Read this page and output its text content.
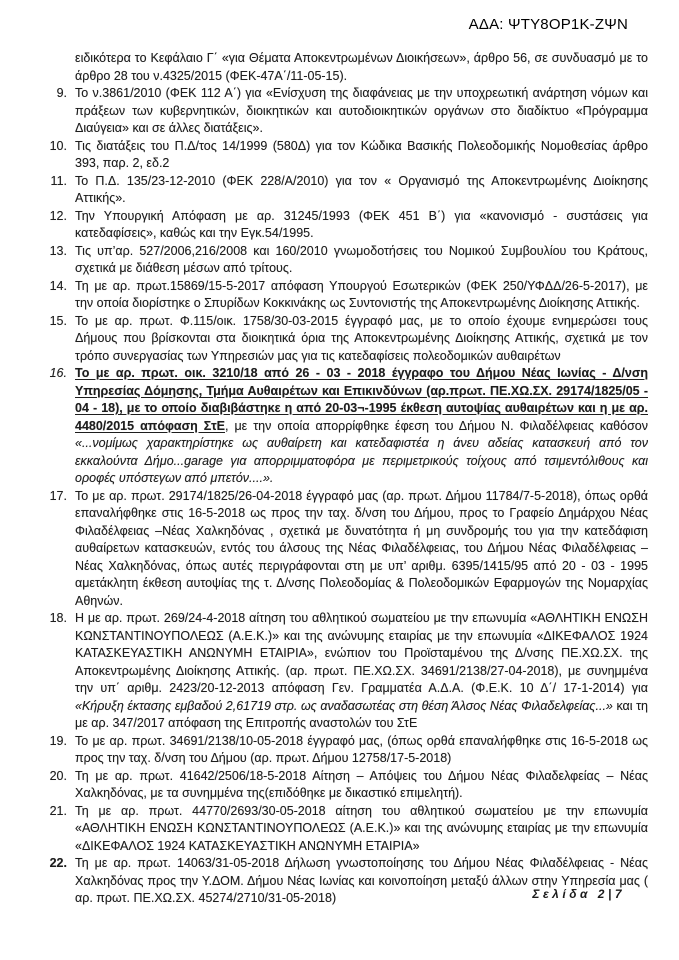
ΑΔΑ: ΨΤΥ8ΟΡ1Κ-ΖΨΝ

ειδικότερα το Κεφάλαιο Γ΄ «για Θέματα Αποκεντρωμένων Διοικήσεων», άρθρο 56, σε συνδυασμό με το άρθρο 28 του ν.4325/2015 (ΦΕΚ-47Α΄/11-05-15).

9. Το ν.3861/2010 (ΦΕΚ 112 Α΄) για «Ενίσχυση της διαφάνειας με την υποχρεωτική ανάρτηση νόμων και πράξεων των κυβερνητικών, διοικητικών και αυτοδιοικητικών οργάνων στο διαδίκτυο «Πρόγραμμα Διαύγεια» και σε άλλες διατάξεις».
10. Τις διατάξεις του Π.Δ/τος 14/1999 (580Δ) για τον Κώδικα Βασικής Πολεοδομικής Νομοθεσίας άρθρο 393, παρ. 2, εδ.2
11. Το Π.Δ. 135/23-12-2010 (ΦΕΚ 228/Α/2010) για τον « Οργανισμό της Αποκεντρωμένης Διοίκησης Αττικής».
12. Την Υπουργική Απόφαση με αρ. 31245/1993 (ΦΕΚ 451 Β΄) για «κανονισμό - συστάσεις για κατεδαφίσεις», καθώς και την Εγκ.54/1995.
13. Τις υπ’αρ. 527/2006,216/2008 και 160/2010 γνωμοδοτήσεις του Νομικού Συμβουλίου του Κράτους, σχετικά με διάθεση μέσων από τρίτους.
14. Τη με αρ. πρωτ.15869/15-5-2017 απόφαση Υπουργού Εσωτερικών (ΦΕΚ 250/ΥΦΔΔ/26-5-2017), με την οποία διορίστηκε ο Σπυρίδων Κοκκινάκης ως Συντονιστής της Αποκεντρωμένης Διοίκησης Αττικής.
15. Το με αρ. πρωτ. Φ.115/οικ. 1758/30-03-2015 έγγραφό μας, με το οποίο έχουμε ενημερώσει τους Δήμους που βρίσκονται στα διοικητικά όρια της Αποκεντρωμένης Διοίκησης Αττικής, σχετικά με τον τρόπο συνεργασίας των Υπηρεσιών μας για τις κατεδαφίσεις πολεοδομικών αυθαιρέτων
16. Το με αρ. πρωτ. οικ. 3210/18 από 26 - 03 - 2018 έγγραφο του Δήμου Νέας Ιωνίας - Δ/νση Υπηρεσίας Δόμησης, Τμήμα Αυθαιρέτων και Επικινδύνων (αρ.πρωτ. ΠΕ.ΧΩ.ΣΧ. 29174/1825/05 - 04 - 18), με το οποίο διαβιβάστηκε η από 20-03¬-1995 έκθεση αυτοψίας αυθαιρέτων και η με αρ. 4480/2015 απόφαση ΣτΕ, με την οποία απορρίφθηκε έφεση του Δήμου Ν. Φιλαδέλφειας καθόσον «...νομίμως χαρακτηρίστηκε ως αυθαίρετη και κατεδαφιστέα η άνευ αδείας κατασκευή από τον εκκαλούντα Δήμο...garage για απορριμματοφόρα με περιμετρικούς τοίχους από τσιμεντόλιθους και οροφές υπόστεγων από μπετόν....».
17. Το με αρ. πρωτ. 29174/1825/26-04-2018 έγγραφό μας (αρ. πρωτ. Δήμου 11784/7-5-2018), όπως ορθά επαναλήφθηκε στις 16-5-2018 ως προς την ταχ. δ/νση του Δήμου, προς το Γραφείο Δημάρχου Νέας Φιλαδέλφειας –Νέας Χαλκηδόνας , σχετικά με δυνατότητα ή μη συνδρομής του για την κατεδάφιση αυθαίρετων κατασκευών, εντός του άλσους της Νέας Φιλαδέλφειας, του Δήμου Νέας Φιλαδέλφειας – Νέας Χαλκηδόνας, όπως αυτές περιγράφονται στη με υπ’ αριθμ. 6395/1415/95 από 20 - 03 - 1995 αμετάκλητη έκθεση αυτοψίας της τ. Δ/νσης Πολεοδομίας & Πολεοδομικών Εφαρμογών της Νομαρχίας Αθηνών.
18. Η με αρ. πρωτ. 269/24-4-2018 αίτηση του αθλητικού σωματείου με την επωνυμία «ΑΘΛΗΤΙΚΗ ΕΝΩΣΗ ΚΩΝΣΤΑΝΤΙΝΟΥΠΟΛΕΩΣ (Α.Ε.Κ.)» και της ανώνυμης εταιρίας με την επωνυμία «ΔΙΚΕΦΑΛΟΣ 1924 ΚΑΤΑΣΚΕΥΑΣΤΙΚΗ ΑΝΩΝΥΜΗ ΕΤΑΙΡΙΑ», ενώπιον του Προϊσταμένου της Δ/νσης ΠΕ.ΧΩ.ΣΧ. της Αποκεντρωμένης Διοίκησης Αττικής. (αρ. πρωτ. ΠΕ.ΧΩ.ΣΧ. 34691/2138/27-04-2018), με συνημμένα την υπ΄ αριθμ. 2423/20-12-2013 απόφαση Γεν. Γραμματέα Α.Δ.Α. (Φ.Ε.Κ. 10 Δ΄/ 17-1-2014) για «Κήρυξη έκτασης εμβαδού 2,61719 στρ. ως αναδασωτέας στη θέση Άλσος Νέας Φιλαδελφείας...» και τη με αρ. 347/2017 απόφαση της Επιτροπής αναστολών του ΣτΕ
19. Το με αρ. πρωτ. 34691/2138/10-05-2018 έγγραφό μας, (όπως ορθά επαναλήφθηκε στις 16-5-2018 ως προς την ταχ. δ/νση του Δήμου (αρ. πρωτ. Δήμου 12758/17-5-2018)
20. Τη με αρ. πρωτ. 41642/2506/18-5-2018 Αίτηση – Απόψεις του Δήμου Νέας Φιλαδελφείας – Νέας Χαλκηδόνας, με τα συνημμένα της(επιδόθηκε με δικαστικό επιμελητή).
21. Τη με αρ. πρωτ. 44770/2693/30-05-2018 αίτηση του αθλητικού σωματείου με την επωνυμία «ΑΘΛΗΤΙΚΗ ΕΝΩΣΗ ΚΩΝΣΤΑΝΤΙΝΟΥΠΟΛΕΩΣ (Α.Ε.Κ.)» και της ανώνυμης εταιρίας με την επωνυμία «ΔΙΚΕΦΑΛΟΣ 1924 ΚΑΤΑΣΚΕΥΑΣΤΙΚΗ ΑΝΩΝΥΜΗ ΕΤΑΙΡΙΑ»
22. Τη με αρ. πρωτ. 14063/31-05-2018 Δήλωση γνωστοποίησης του Δήμου Νέας Φιλαδέλφειας - Νέας Χαλκηδόνας προς την Υ.ΔΟΜ. Δήμου Νέας Ιωνίας και κοινοποίηση μεταξύ άλλων στην Υπηρεσία μας ( αρ. πρωτ. ΠΕ.ΧΩ.ΣΧ. 45274/2710/31-05-2018)	Σελίδα 2|7
